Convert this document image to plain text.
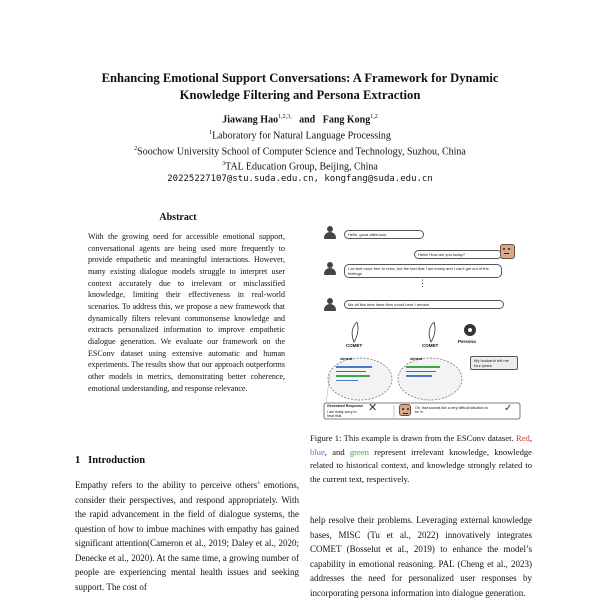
Enhancing Emotional Support Conversations: A Framework for Dynamic
Knowledge Filtering and Persona Extraction
Jiawang Hao$^{1,2,3,}$ and Fang Kong$^{1,2}$
$^1$Laboratory for Natural Language Processing
$^2$Soochow University School of Computer Science and Technology, Suzhou, China
$^3$TAL Education Group, Beijing, China
20225227107@stu.suda.edu.cn, kongfang@suda.edu.cn
Abstract
With the growing need for accessible emotional support, conversational agents are being used more frequently to provide empathetic and meaningful interactions. However, many existing dialogue models struggle to interpret user context accurately due to irrelevant or misclassified knowledge, limiting their effectiveness in real-world scenarios. To address this, we propose a new framework that dynamically filters relevant commonsense knowledge and extracts personalized information to improve empathetic dialogue generation. We evaluate our framework on the ESConv dataset using extensive automatic and human experiments. The results show that our approach outperforms other models in metrics, demonstrating better coherence, emotional understanding, and response relevance.
1 Introduction
Empathy refers to the ability to perceive others’ emotions, consider their perspectives, and respond appropriately. With the rapid advancement in the field of dialogue systems, the question of how to imbue machines with empathy has gained significant attention(Cameron et al., 2019; Daley et al., 2020; Denecke et al., 2020). At the same time, a growing number of people are experiencing mental health issues and seeking support. The cost of
Hello, good afternoon.
Hello! How are you today?
I do feel more free to relax, but the fact that I am lonely and I can't get out of the feelings
⋮
Me all this time have thus mood here I remain
COMET	COMET
Persona
xIntent	xIntent	My husband left me four years
Generated Response
I am really sorry to hear that.
✕	Oh, that sounds like a very difficult situation to be in.	✓
Figure 1: This example is drawn from the ESConv dataset. Red, blue, and green represent irrelevant knowledge, knowledge related to historical context, and knowledge strongly related to the current text, respectively.
help resolve their problems. Leveraging external knowledge bases, MISC (Tu et al., 2022) innovatively integrates COMET (Bosselut et al., 2019) to enhance the model’s capability in emotional reasoning. PAL (Cheng et al., 2023) addresses the need for personalized user responses by incorporating persona information into dialogue generation.
